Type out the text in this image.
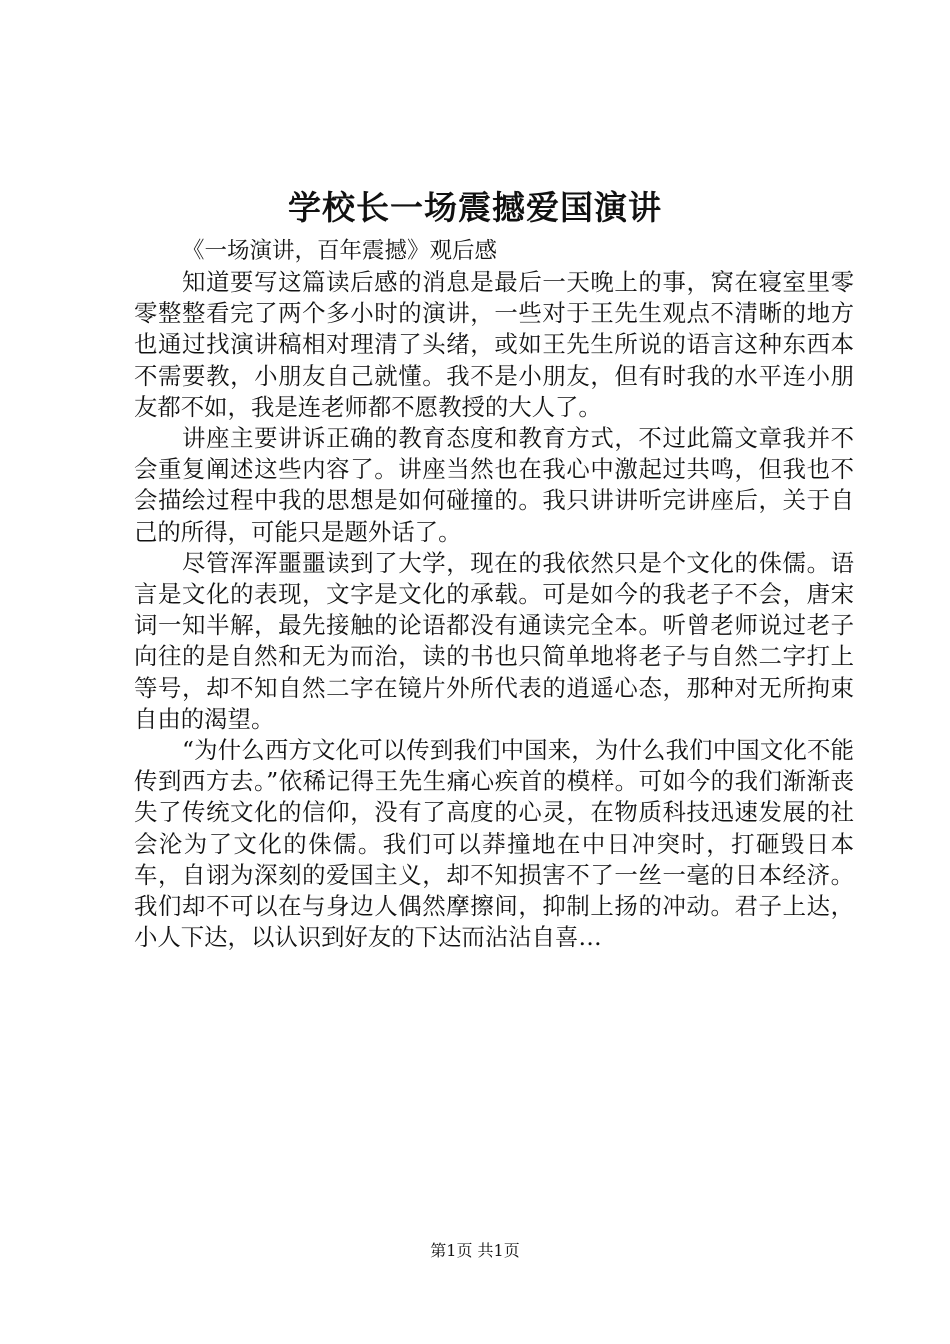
学校长一场震撼爱国演讲
《一场演讲，百年震撼》观后感

知道要写这篇读后感的消息是最后一天晚上的事，窝在寝室里零零整整看完了两个多小时的演讲，一些对于王先生观点不清晰的地方也通过找演讲稿相对理清了头绪，或如王先生所说的语言这种东西本不需要教，小朋友自己就懂。我不是小朋友，但有时我的水平连小朋友都不如，我是连老师都不愿教授的大人了。

讲座主要讲诉正确的教育态度和教育方式，不过此篇文章我并不会重复阐述这些内容了。讲座当然也在我心中激起过共鸣，但我也不会描绘过程中我的思想是如何碰撞的。我只讲讲听完讲座后，关于自己的所得，可能只是题外话了。

尽管浑浑噩噩读到了大学，现在的我依然只是个文化的侏儒。语言是文化的表现，文字是文化的承载。可是如今的我老子不会，唐宋词一知半解，最先接触的论语都没有通读完全本。听曾老师说过老子向往的是自然和无为而治，读的书也只简单地将老子与自然二字打上等号，却不知自然二字在镜片外所代表的逍遥心态，那种对无所拘束自由的渴望。

“为什么西方文化可以传到我们中国来，为什么我们中国文化不能传到西方去。”依稀记得王先生痛心疾首的模样。可如今的我们渐渐丧失了传统文化的信仰，没有了高度的心灵，在物质科技迅速发展的社会沦为了文化的侏儒。我们可以莽撞地在中日冲突时，打砸毁日本车，自诩为深刻的爱国主义，却不知损害不了一丝一毫的日本经济。我们却不可以在与身边人偶然摩擦间，抑制上扬的冲动。君子上达，小人下达，以认识到好友的下达而沾沾自喜…

第1页 共1页
